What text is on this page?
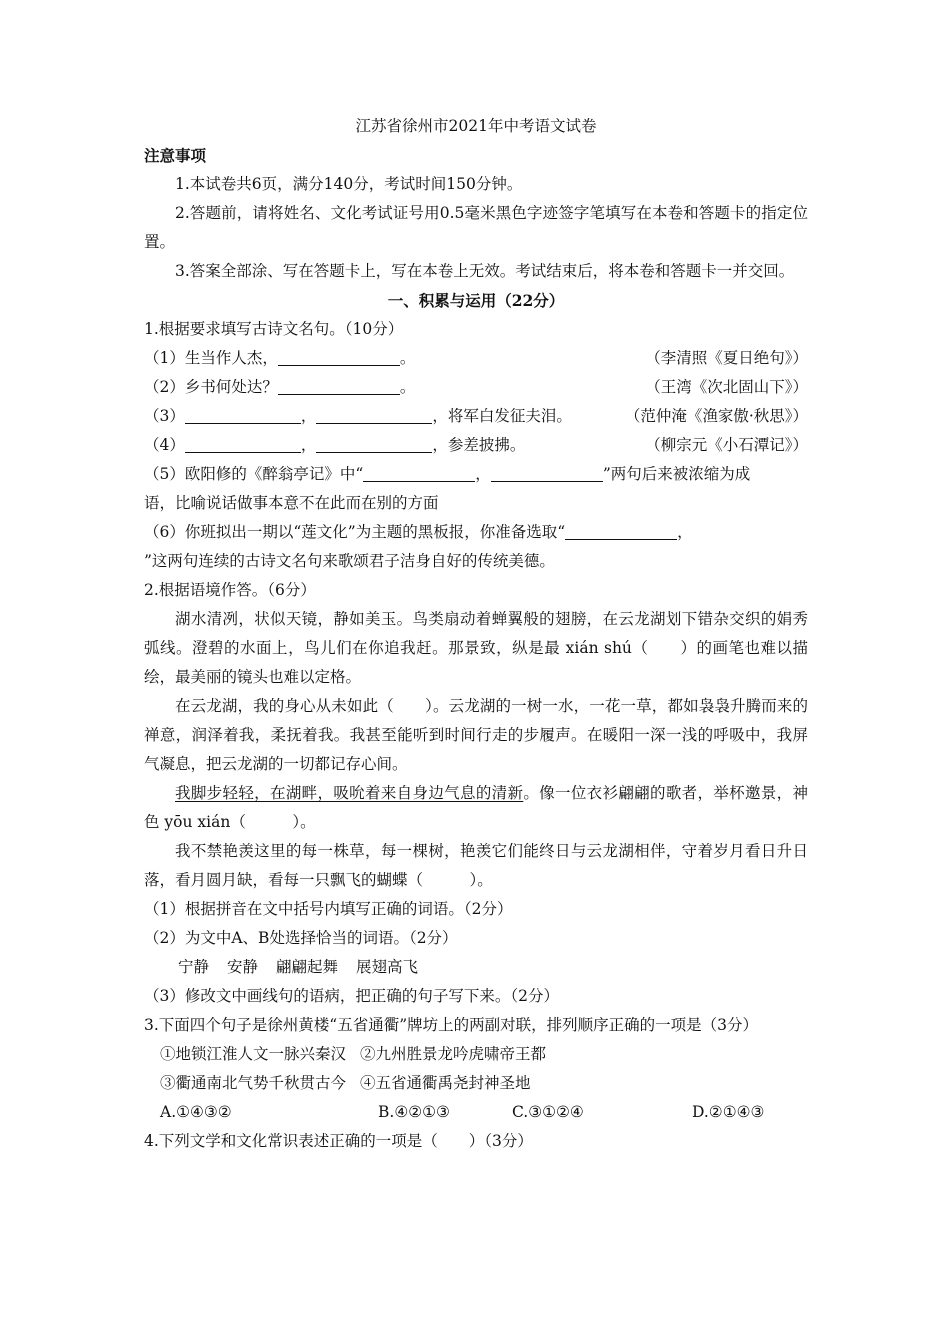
江苏省徐州市2021年中考语文试卷
注意事项
1.本试卷共6页，满分140分，考试时间150分钟。
2.答题前，请将姓名、文化考试证号用0.5毫米黑色字迹签字笔填写在本卷和答题卡的指定位置。
3.答案全部涂、写在答题卡上，写在本卷上无效。考试结束后，将本卷和答题卡一并交回。
一、积累与运用（22分）
1.根据要求填写古诗文名句。（10分）
（1）生当作人杰，	。	（李清照《夏日绝句》）
（2）乡书何处达？	。	（王湾《次北固山下》）
（3）	，	，将军白发征夫泪。	（范仲淹《渔家傲·秋思》）
（4）	，	，参差披拂。	（柳宗元《小石潭记》）
（5）欧阳修的《醉翁亭记》中“	，	”两句后来被浓缩为成
语，比喻说话做事本意不在此而在别的方面
（6）你班拟出一期以“莲文化”为主题的黑板报，你准备选取“	，
”这两句连续的古诗文名句来歌颂君子洁身自好的传统美德。
2.根据语境作答。（6分）
湖水清冽，状似天镜，静如美玉。鸟类扇动着蝉翼般的翅膀，在云龙湖划下错杂交织的娟秀弧线。澄碧的水面上，鸟儿们在你追我赶。那景致，纵是最 xián shú（　　）的画笔也难以描绘，最美丽的镜头也难以定格。
在云龙湖，我的身心从未如此（　　）。云龙湖的一树一水，一花一草，都如袅袅升腾而来的禅意，润泽着我，柔抚着我。我甚至能听到时间行走的步履声。在暖阳一深一浅的呼吸中，我屏气凝息，把云龙湖的一切都记存心间。
我脚步轻轻，在湖畔，吸吮着来自身边气息的清新。像一位衣衫翩翩的歌者，举杯邀景，神色 yōu xián（　　　）。
我不禁艳羡这里的每一株草，每一棵树，艳羡它们能终日与云龙湖相伴，守着岁月看日升日落，看月圆月缺，看每一只飘飞的蝴蝶（　　　）。
（1）根据拼音在文中括号内填写正确的词语。（2分）
（2）为文中A、B处选择恰当的词语。（2分）
宁静 安静 翩翩起舞 展翅高飞
（3）修改文中画线句的语病，把正确的句子写下来。（2分）
3.下面四个句子是徐州黄楼“五省通衢”牌坊上的两副对联，排列顺序正确的一项是（3分）
①地锁江淮人文一脉兴秦汉 ②九州胜景龙吟虎啸帝王都
③衢通南北气势千秋贯古今 ④五省通衢禹尧封神圣地
A.①④③②	B.④②①③	C.③①②④	D.②①④③
4.下列文学和文化常识表述正确的一项是（　　）（3分）
